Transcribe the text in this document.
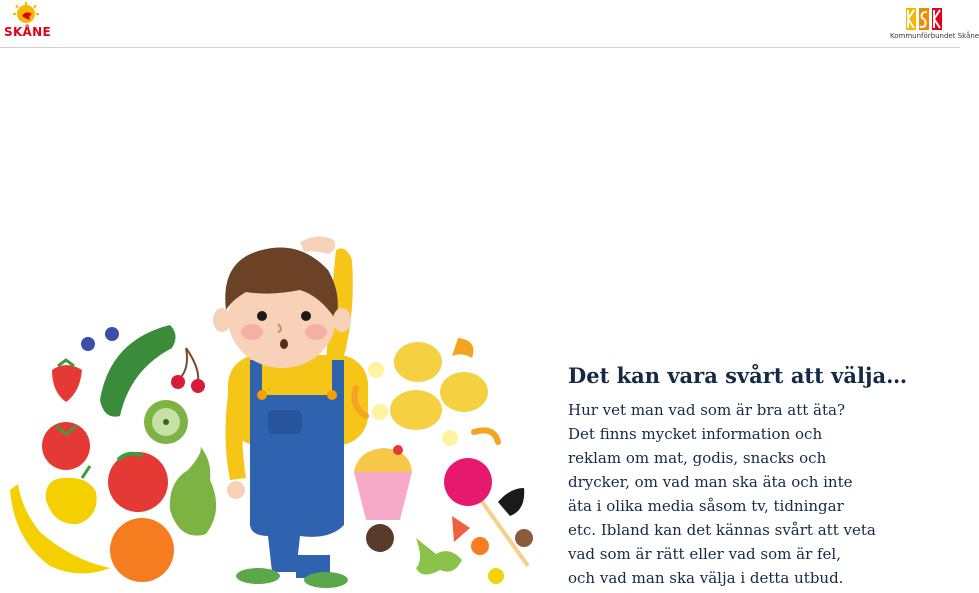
SKÅNE	Kommunförbundet Skåne
Det kan vara svårt att välja…

Hur vet man vad som är bra att äta?

Det finns mycket information och

reklam om mat, godis, snacks och

drycker, om vad man ska äta och inte

äta i olika media såsom tv, tidningar

etc. Ibland kan det kännas svårt att veta

vad som är rätt eller vad som är fel,

och vad man ska välja i detta utbud.
